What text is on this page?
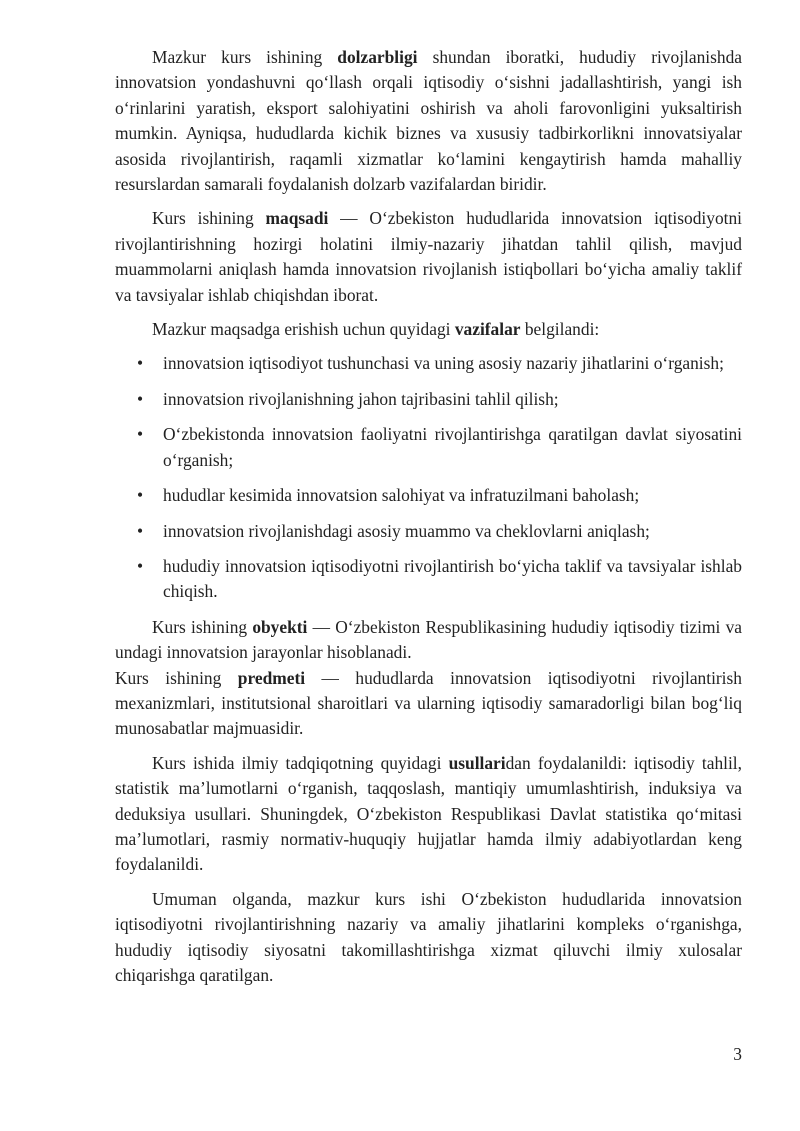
Mazkur kurs ishining dolzarbligi shundan iboratki, hududiy rivojlanishda innovatsion yondashuvni qo‘llash orqali iqtisodiy o‘sishni jadallashtirish, yangi ish o‘rinlarini yaratish, eksport salohiyatini oshirish va aholi farovonligini yuksaltirish mumkin. Ayniqsa, hududlarda kichik biznes va xususiy tadbirkorlikni innovatsiyalar asosida rivojlantirish, raqamli xizmatlar ko‘lamini kengaytirish hamda mahalliy resurslardan samarali foydalanish dolzarb vazifalardan biridir.

Kurs ishining maqsadi — O‘zbekiston hududlarida innovatsion iqtisodiyotni rivojlantirishning hozirgi holatini ilmiy-nazariy jihatdan tahlil qilish, mavjud muammolarni aniqlash hamda innovatsion rivojlanish istiqbollari bo‘yicha amaliy taklif va tavsiyalar ishlab chiqishdan iborat.

Mazkur maqsadga erishish uchun quyidagi vazifalar belgilandi:

• innovatsion iqtisodiyot tushunchasi va uning asosiy nazariy jihatlarini o‘rganish;
• innovatsion rivojlanishning jahon tajribasini tahlil qilish;
• O‘zbekistonda innovatsion faoliyatni rivojlantirishga qaratilgan davlat siyosatini o‘rganish;
• hududlar kesimida innovatsion salohiyat va infratuzilmani baholash;
• innovatsion rivojlanishdagi asosiy muammo va cheklovlarni aniqlash;
• hududiy innovatsion iqtisodiyotni rivojlantirish bo‘yicha taklif va tavsiyalar ishlab chiqish.

Kurs ishining obyekti — O‘zbekiston Respublikasining hududiy iqtisodiy tizimi va undagi innovatsion jarayonlar hisoblanadi.
Kurs ishining predmeti — hududlarda innovatsion iqtisodiyotni rivojlantirish mexanizmlari, institutsional sharoitlari va ularning iqtisodiy samaradorligi bilan bog‘liq munosabatlar majmuasidir.

Kurs ishida ilmiy tadqiqotning quyidagi usullaridan foydalanildi: iqtisodiy tahlil, statistik ma’lumotlarni o‘rganish, taqqoslash, mantiqiy umumlashtirish, induksiya va deduksiya usullari. Shuningdek, O‘zbekiston Respublikasi Davlat statistika qo‘mitasi ma’lumotlari, rasmiy normativ-huquqiy hujjatlar hamda ilmiy adabiyotlardan keng foydalanildi.

Umuman olganda, mazkur kurs ishi O‘zbekiston hududlarida innovatsion iqtisodiyotni rivojlantirishning nazariy va amaliy jihatlarini kompleks o‘rganishga, hududiy iqtisodiy siyosatni takomillashtirishga xizmat qiluvchi ilmiy xulosalar chiqarishga qaratilgan.

3
